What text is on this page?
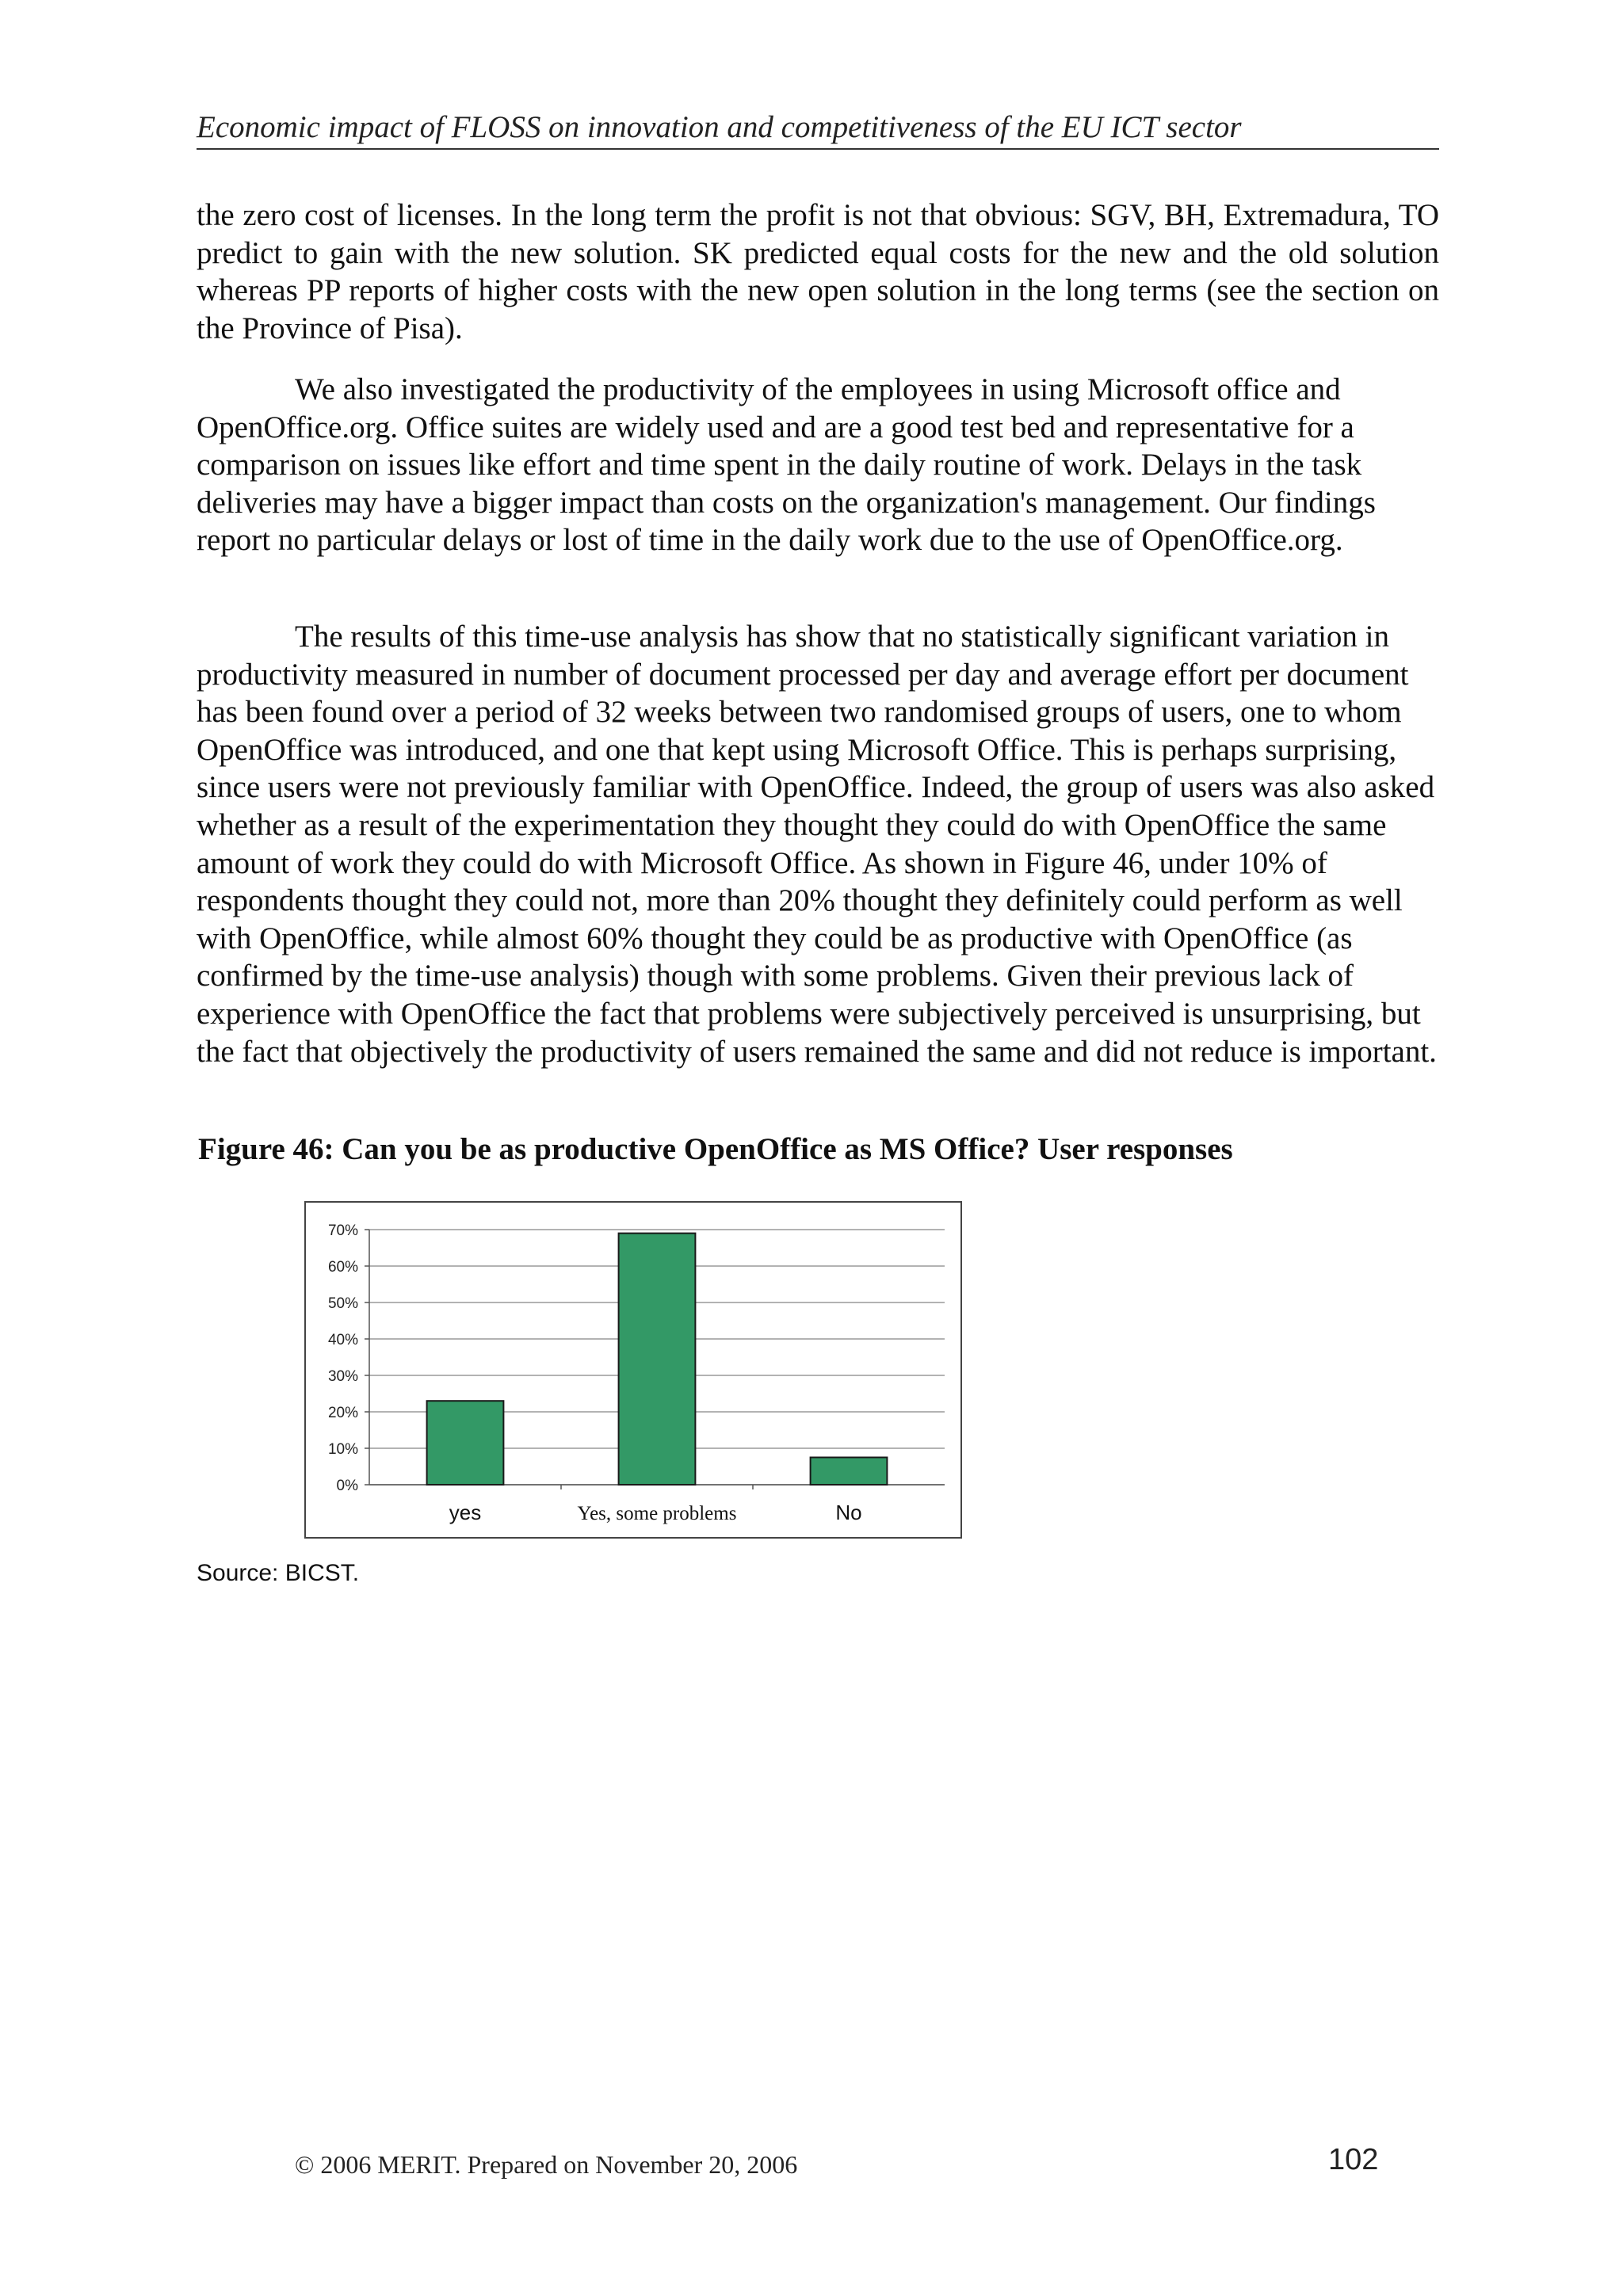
Economic impact of FLOSS on innovation and competitiveness of the EU ICT sector

the zero cost of licenses. In the long term the profit is not that obvious: SGV, BH, Extremadura, TO predict to gain with the new solution. SK predicted equal costs for the new and the old solution whereas PP reports of higher costs with the new open solution in the long terms (see the section on the Province of Pisa).

We also investigated the productivity of the employees in using Microsoft office and OpenOffice.org. Office suites are widely used and are a good test bed and representative for a comparison on issues like effort and time spent in the daily routine of work. Delays in the task deliveries may have a bigger impact than costs on the organization's management. Our findings report no particular delays or lost of time in the daily work due to the use of OpenOffice.org.

The results of this time-use analysis has show that no statistically significant variation in productivity measured in number of document processed per day and average effort per document has been found over a period of 32 weeks between two randomised groups of users, one to whom OpenOffice was introduced, and one that kept using Microsoft Office. This is perhaps surprising, since users were not previously familiar with OpenOffice. Indeed, the group of users was also asked whether as a result of the experimentation they thought they could do with OpenOffice the same amount of work they could do with Microsoft Office. As shown in Figure 46, under 10% of respondents thought they could not, more than 20% thought they definitely could perform as well with OpenOffice, while almost 60% thought they could be as productive with OpenOffice (as confirmed by the time-use analysis) though with some problems. Given their previous lack of experience with OpenOffice the fact that problems were subjectively perceived is unsurprising, but the fact that objectively the productivity of users remained the same and did not reduce is important.

Figure 46: Can you be as productive OpenOffice as MS Office? User responses
0%
10%
20%
30%
40%
50%
60%
70%
yes	Yes, some problems	No
Source: BICST.
© 2006 MERIT. Prepared on November 20, 2006	102
